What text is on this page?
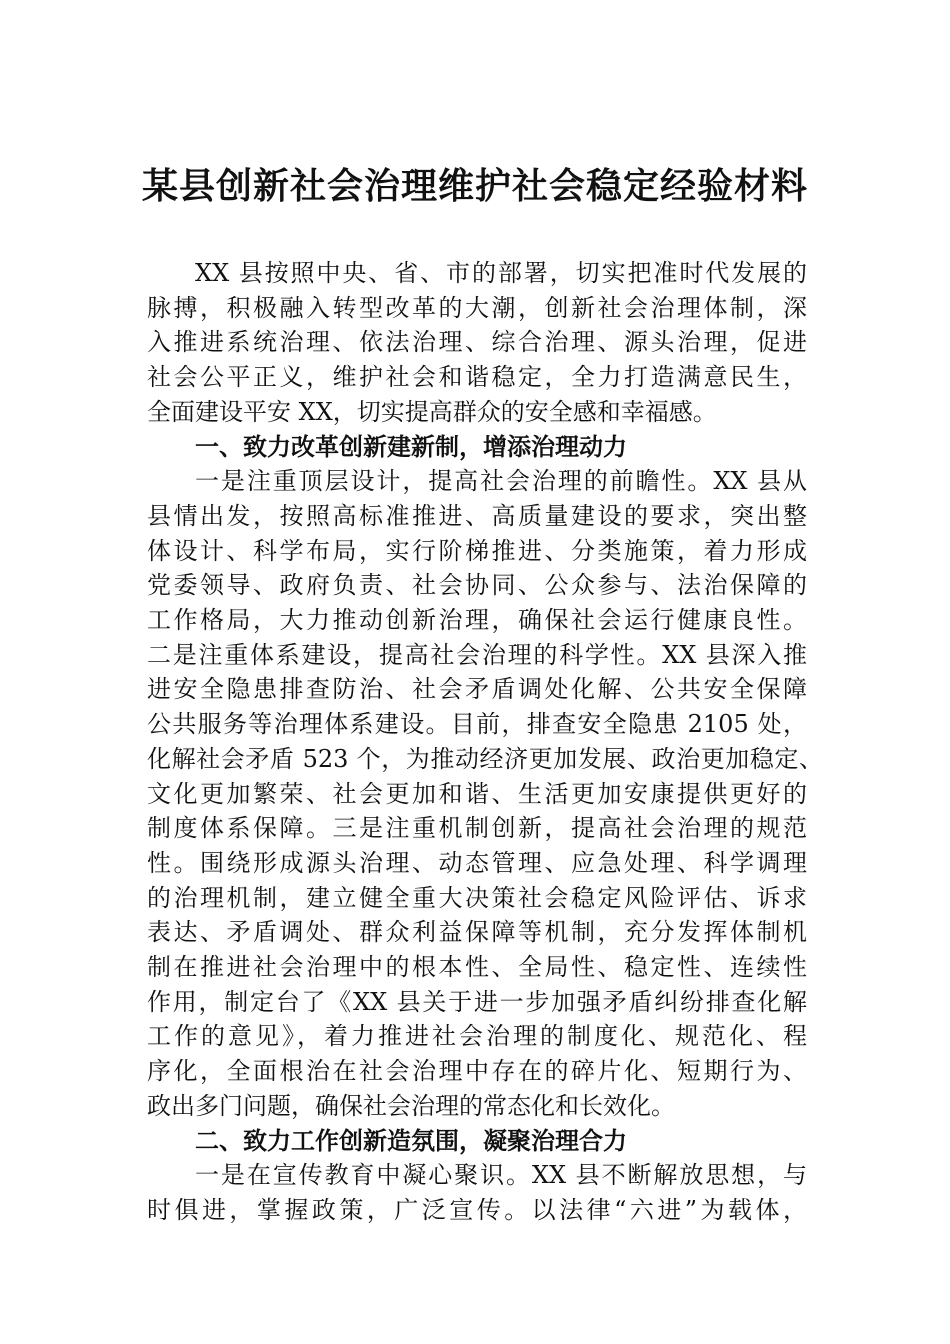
某县创新社会治理维护社会稳定经验材料
XX 县按照中央、省、市的部署，切实把准时代发展的
脉搏，积极融入转型改革的大潮，创新社会治理体制，深
入推进系统治理、依法治理、综合治理、源头治理，促进
社会公平正义，维护社会和谐稳定，全力打造满意民生，
全面建设平安 XX，切实提高群众的安全感和幸福感。
一、致力改革创新建新制，增添治理动力
一是注重顶层设计，提高社会治理的前瞻性。XX 县从
县情出发，按照高标准推进、高质量建设的要求，突出整
体设计、科学布局，实行阶梯推进、分类施策，着力形成
党委领导、政府负责、社会协同、公众参与、法治保障的
工作格局，大力推动创新治理，确保社会运行健康良性。
二是注重体系建设，提高社会治理的科学性。XX 县深入推
进安全隐患排查防治、社会矛盾调处化解、公共安全保障
公共服务等治理体系建设。目前，排查安全隐患 2105 处，
化解社会矛盾 523 个，为推动经济更加发展、政治更加稳定、
文化更加繁荣、社会更加和谐、生活更加安康提供更好的
制度体系保障。三是注重机制创新，提高社会治理的规范
性。围绕形成源头治理、动态管理、应急处理、科学调理
的治理机制，建立健全重大决策社会稳定风险评估、诉求
表达、矛盾调处、群众利益保障等机制，充分发挥体制机
制在推进社会治理中的根本性、全局性、稳定性、连续性
作用，制定台了《XX 县关于进一步加强矛盾纠纷排查化解
工作的意见》，着力推进社会治理的制度化、规范化、程
序化，全面根治在社会治理中存在的碎片化、短期行为、
政出多门问题，确保社会治理的常态化和长效化。
二、致力工作创新造氛围，凝聚治理合力
一是在宣传教育中凝心聚识。XX 县不断解放思想，与
时俱进，掌握政策，广泛宣传。以法律“六进”为载体，
